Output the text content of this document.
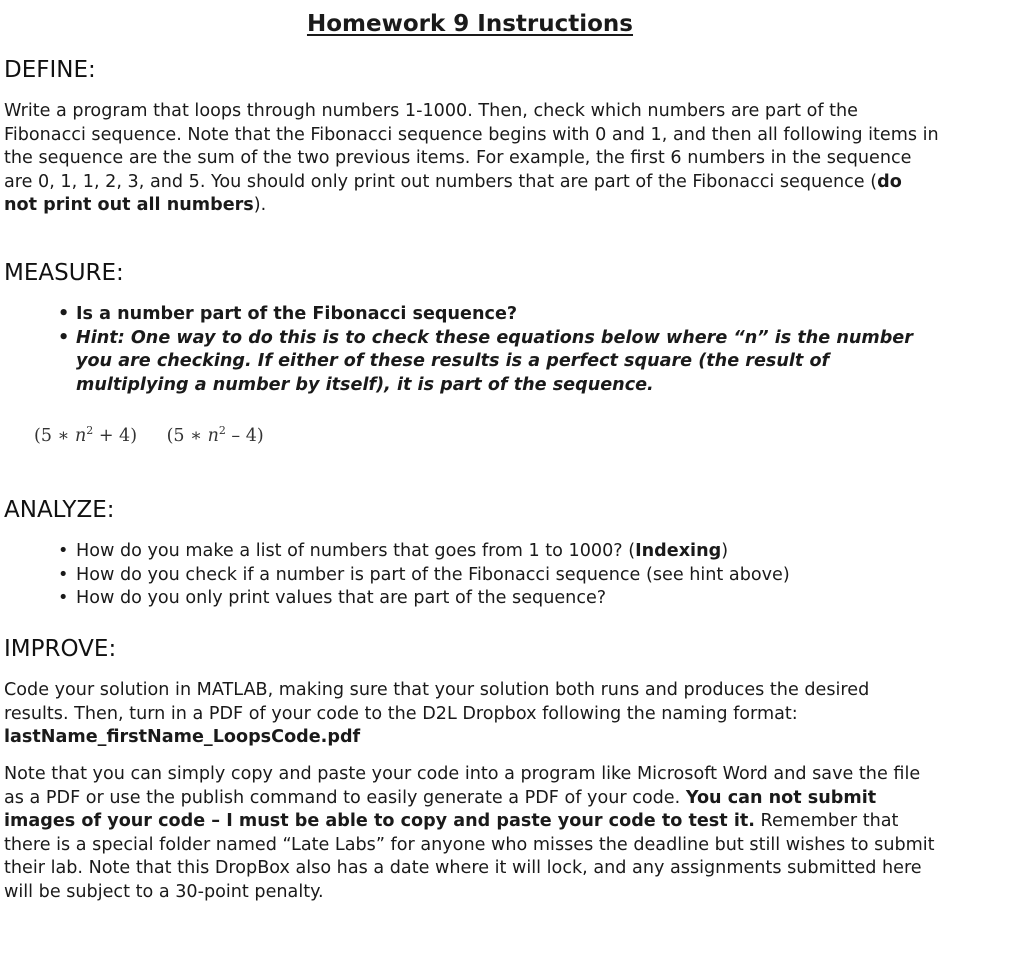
Homework 9 Instructions
DEFINE:

Write a program that loops through numbers 1-1000. Then, check which numbers are part of the Fibonacci sequence. Note that the Fibonacci sequence begins with 0 and 1, and then all following items in the sequence are the sum of the two previous items. For example, the first 6 numbers in the sequence are 0, 1, 1, 2, 3, and 5. You should only print out numbers that are part of the Fibonacci sequence (do not print out all numbers).

MEASURE:
• Is a number part of the Fibonacci sequence?
• Hint: One way to do this is to check these equations below where “n” is the number you are checking. If either of these results is a perfect square (the result of multiplying a number by itself), it is part of the sequence.
(5 ∗ $n^2 + 4$) (5 ∗ $n^2 - 4$)
ANALYZE:
• How do you make a list of numbers that goes from 1 to 1000? (Indexing)
• How do you check if a number is part of the Fibonacci sequence (see hint above)
• How do you only print values that are part of the sequence?
IMPROVE:

Code your solution in MATLAB, making sure that your solution both runs and produces the desired results. Then, turn in a PDF of your code to the D2L Dropbox following the naming format:
lastName_firstName_LoopsCode.pdf

Note that you can simply copy and paste your code into a program like Microsoft Word and save the file as a PDF or use the publish command to easily generate a PDF of your code. You can not submit images of your code – I must be able to copy and paste your code to test it. Remember that there is a special folder named “Late Labs” for anyone who misses the deadline but still wishes to submit their lab. Note that this DropBox also has a date where it will lock, and any assignments submitted here will be subject to a 30-point penalty.
